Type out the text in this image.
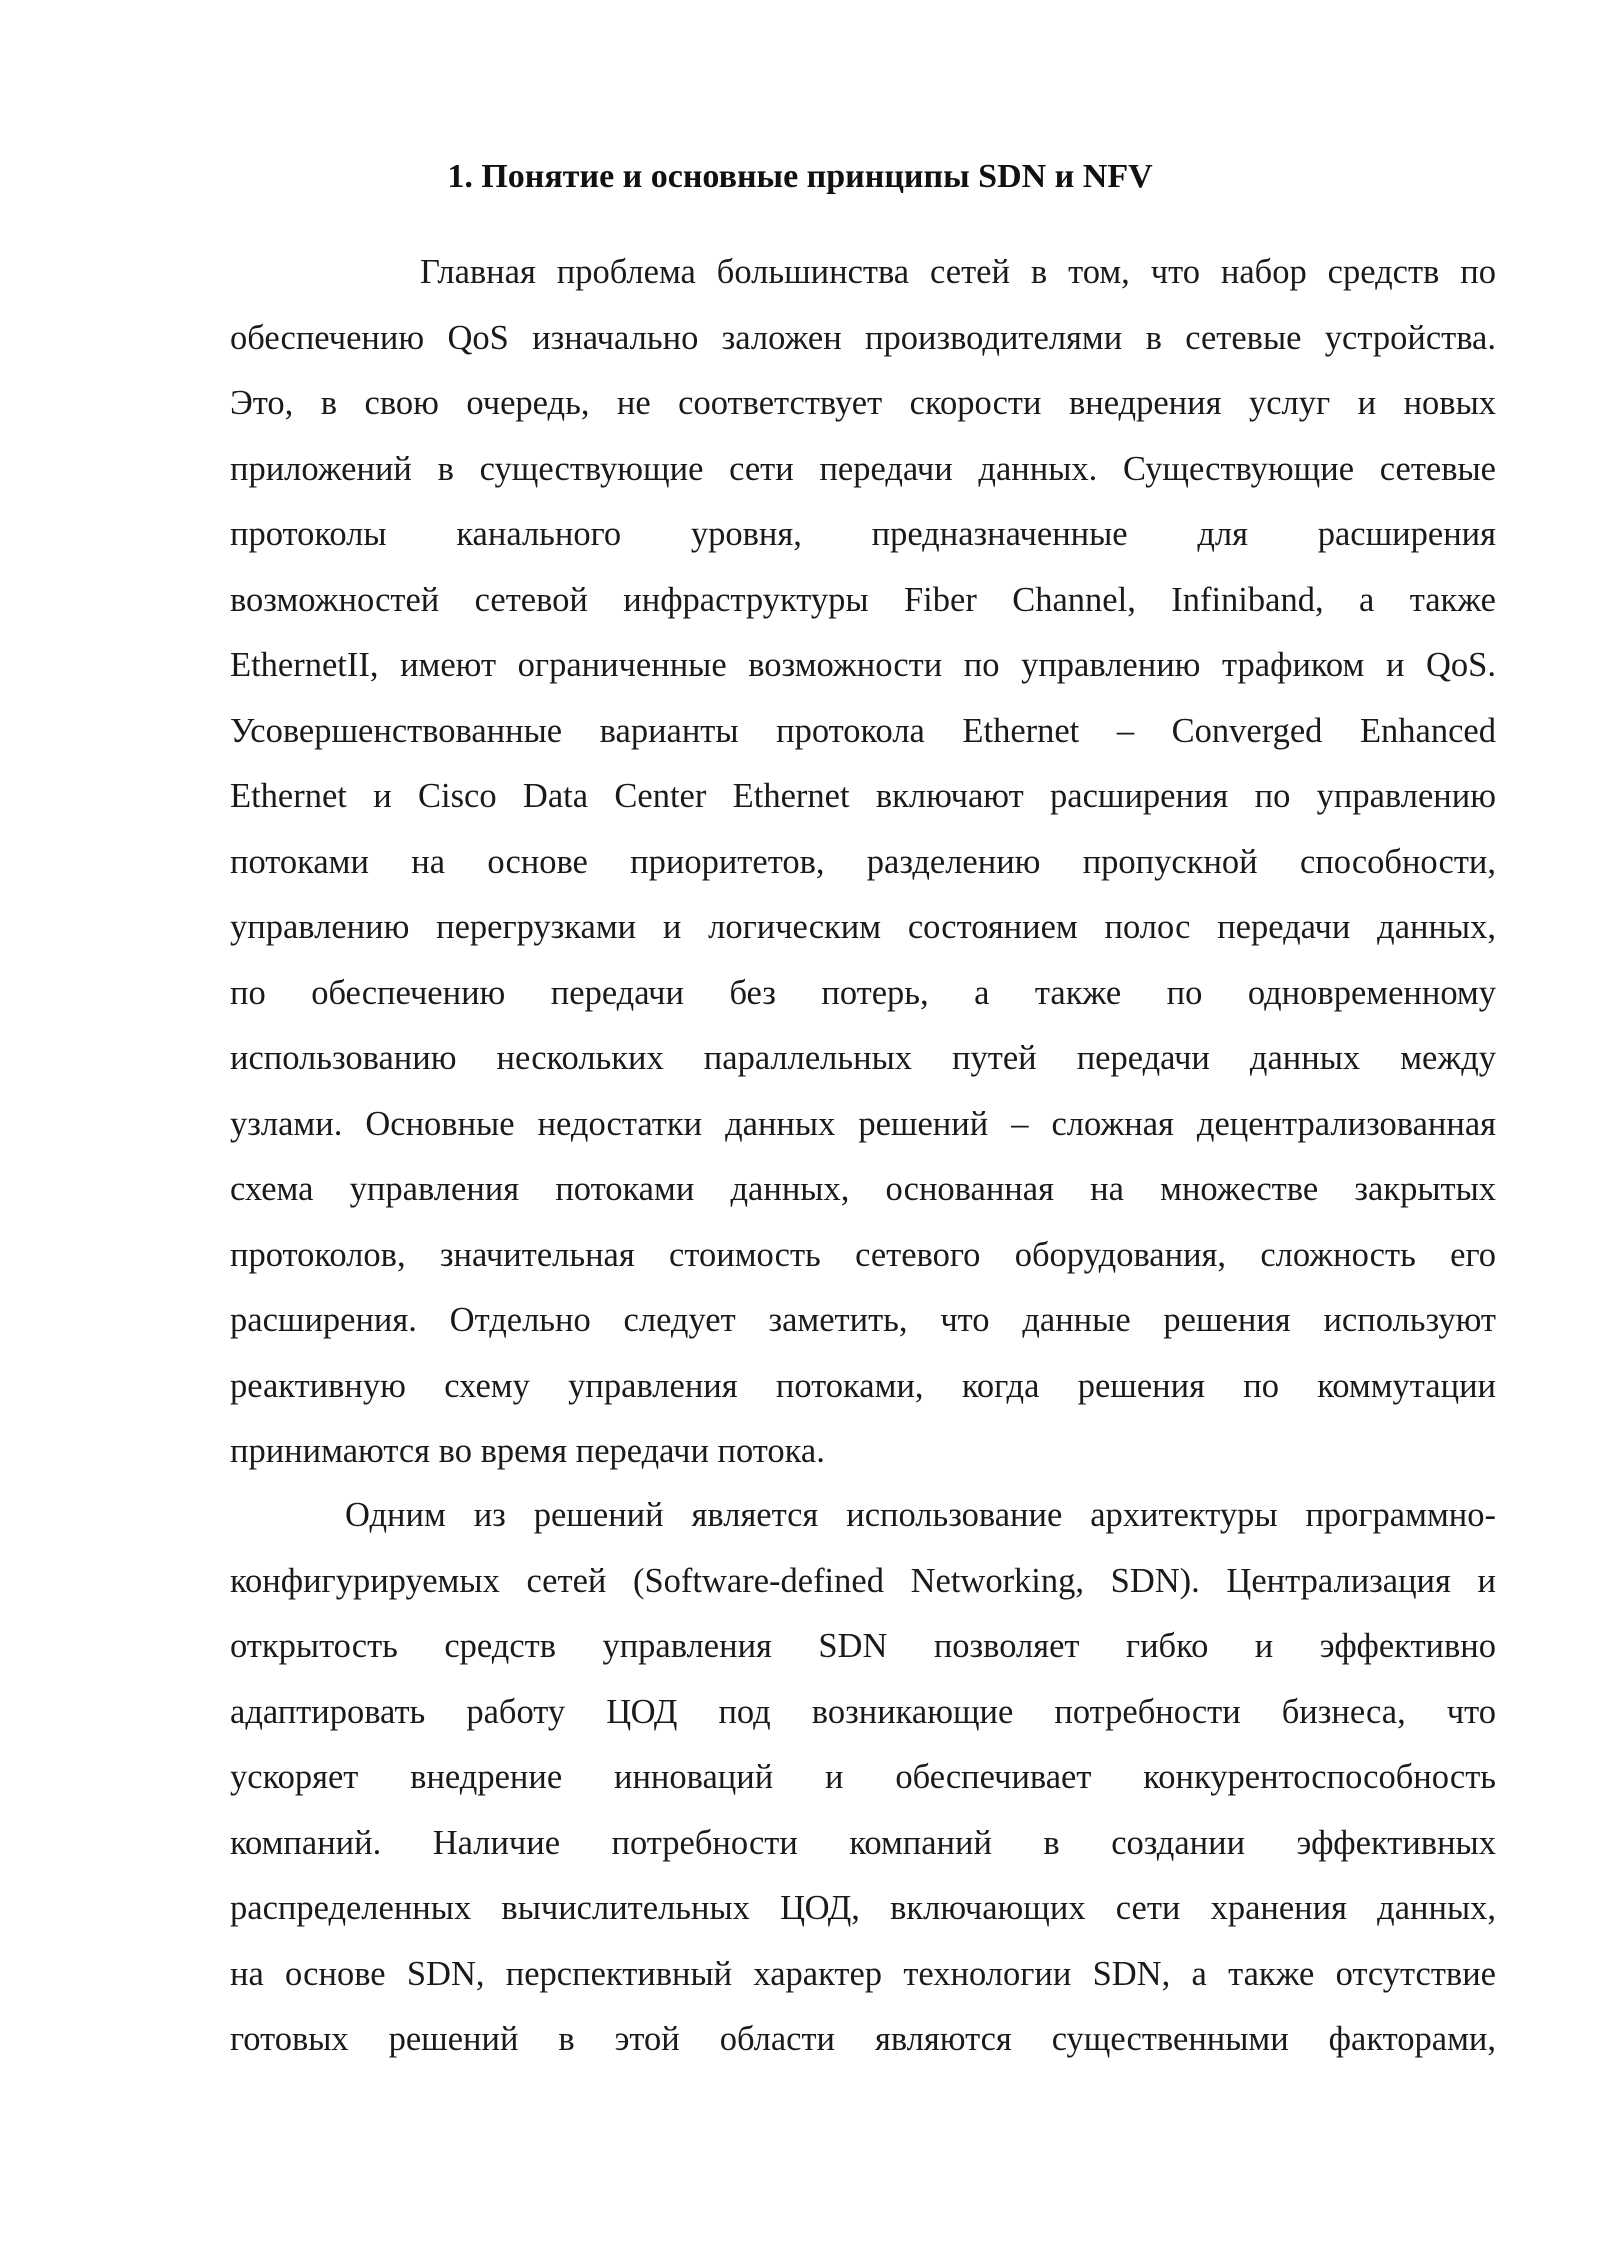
1. Понятие и основные принципы SDN и NFV
Главная проблема большинства сетей в том, что набор средств по
обеспечению QoS изначально заложен производителями в сетевые устройства.
Это, в свою очередь, не соответствует скорости внедрения услуг и новых
приложений в существующие сети передачи данных. Существующие сетевые
протоколы канального уровня, предназначенные для расширения
возможностей сетевой инфраструктуры Fiber Channel, Infiniband, а также
EthernetII, имеют ограниченные возможности по управлению трафиком и QoS.
Усовершенствованные варианты протокола Ethernet – Converged Enhanced
Ethernet и Cisco Data Center Ethernet включают расширения по управлению
потоками на основе приоритетов, разделению пропускной способности,
управлению перегрузками и логическим состоянием полос передачи данных,
по обеспечению передачи без потерь, а также по одновременному
использованию нескольких параллельных путей передачи данных между
узлами. Основные недостатки данных решений – сложная децентрализованная
схема управления потоками данных, основанная на множестве закрытых
протоколов, значительная стоимость сетевого оборудования, сложность его
расширения. Отдельно следует заметить, что данные решения используют
реактивную схему управления потоками, когда решения по коммутации
принимаются во время передачи потока.
Одним из решений является использование архитектуры программно-
конфигурируемых сетей (Software-defined Networking, SDN). Централизация и
открытость средств управления SDN позволяет гибко и эффективно
адаптировать работу ЦОД под возникающие потребности бизнеса, что
ускоряет внедрение инноваций и обеспечивает конкурентоспособность
компаний. Наличие потребности компаний в создании эффективных
распределенных вычислительных ЦОД, включающих сети хранения данных,
на основе SDN, перспективный характер технологии SDN, а также отсутствие
готовых решений в этой области являются существенными факторами,
